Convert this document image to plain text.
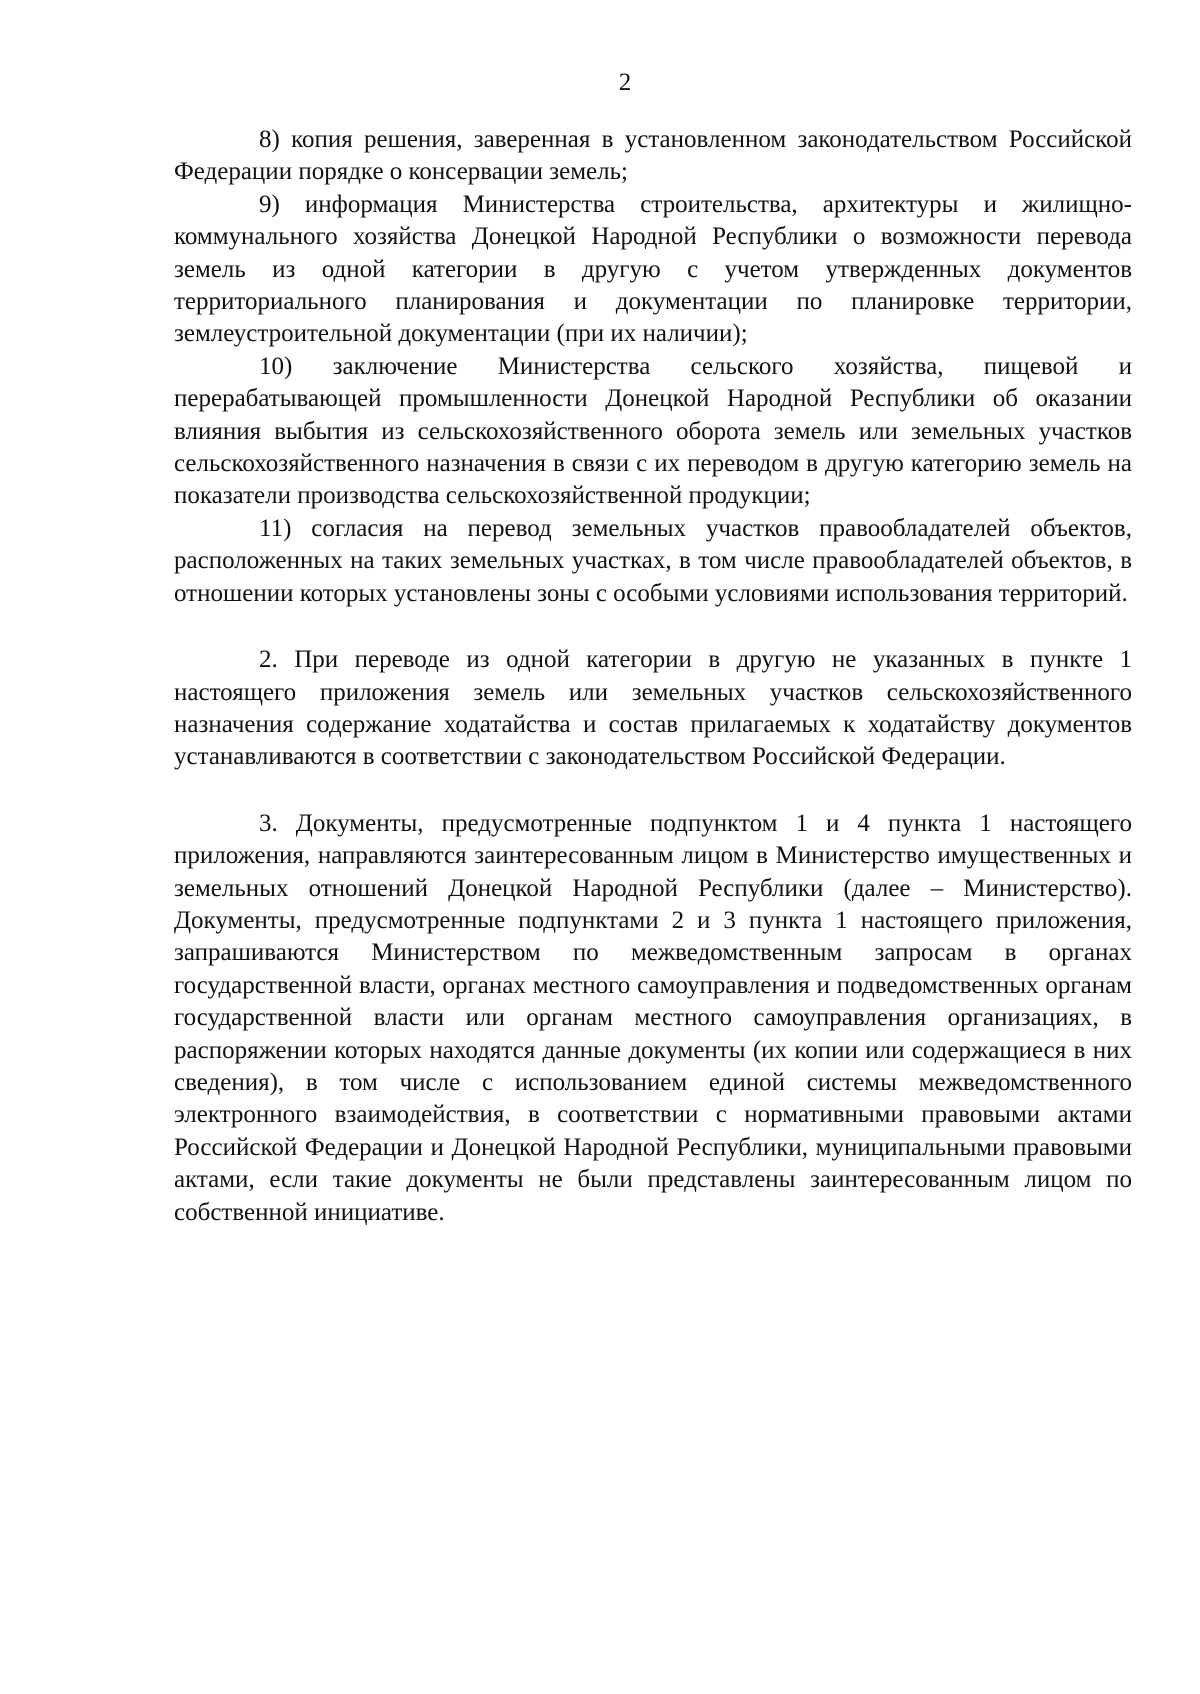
2

8) копия решения, заверенная в установленном законодательством Российской Федерации порядке о консервации земель;

9) информация Министерства строительства, архитектуры и жилищно-коммунального хозяйства Донецкой Народной Республики о возможности перевода земель из одной категории в другую с учетом утвержденных документов территориального планирования и документации по планировке территории, землеустроительной документации (при их наличии);

10) заключение Министерства сельского хозяйства, пищевой и перерабатывающей промышленности Донецкой Народной Республики об оказании влияния выбытия из сельскохозяйственного оборота земель или земельных участков сельскохозяйственного назначения в связи с их переводом в другую категорию земель на показатели производства сельскохозяйственной продукции;

11) согласия на перевод земельных участков правообладателей объектов, расположенных на таких земельных участках, в том числе правообладателей объектов, в отношении которых установлены зоны с особыми условиями использования территорий.

2. При переводе из одной категории в другую не указанных в пункте 1 настоящего приложения земель или земельных участков сельскохозяйственного назначения содержание ходатайства и состав прилагаемых к ходатайству документов устанавливаются в соответствии с законодательством Российской Федерации.

3. Документы, предусмотренные подпунктом 1 и 4 пункта 1 настоящего приложения, направляются заинтересованным лицом в Министерство имущественных и земельных отношений Донецкой Народной Республики (далее – Министерство). Документы, предусмотренные подпунктами 2 и 3 пункта 1 настоящего приложения, запрашиваются Министерством по межведомственным запросам в органах государственной власти, органах местного самоуправления и подведомственных органам государственной власти или органам местного самоуправления организациях, в распоряжении которых находятся данные документы (их копии или содержащиеся в них сведения), в том числе с использованием единой системы межведомственного электронного взаимодействия, в соответствии с нормативными правовыми актами Российской Федерации и Донецкой Народной Республики, муниципальными правовыми актами, если такие документы не были представлены заинтересованным лицом по собственной инициативе.
